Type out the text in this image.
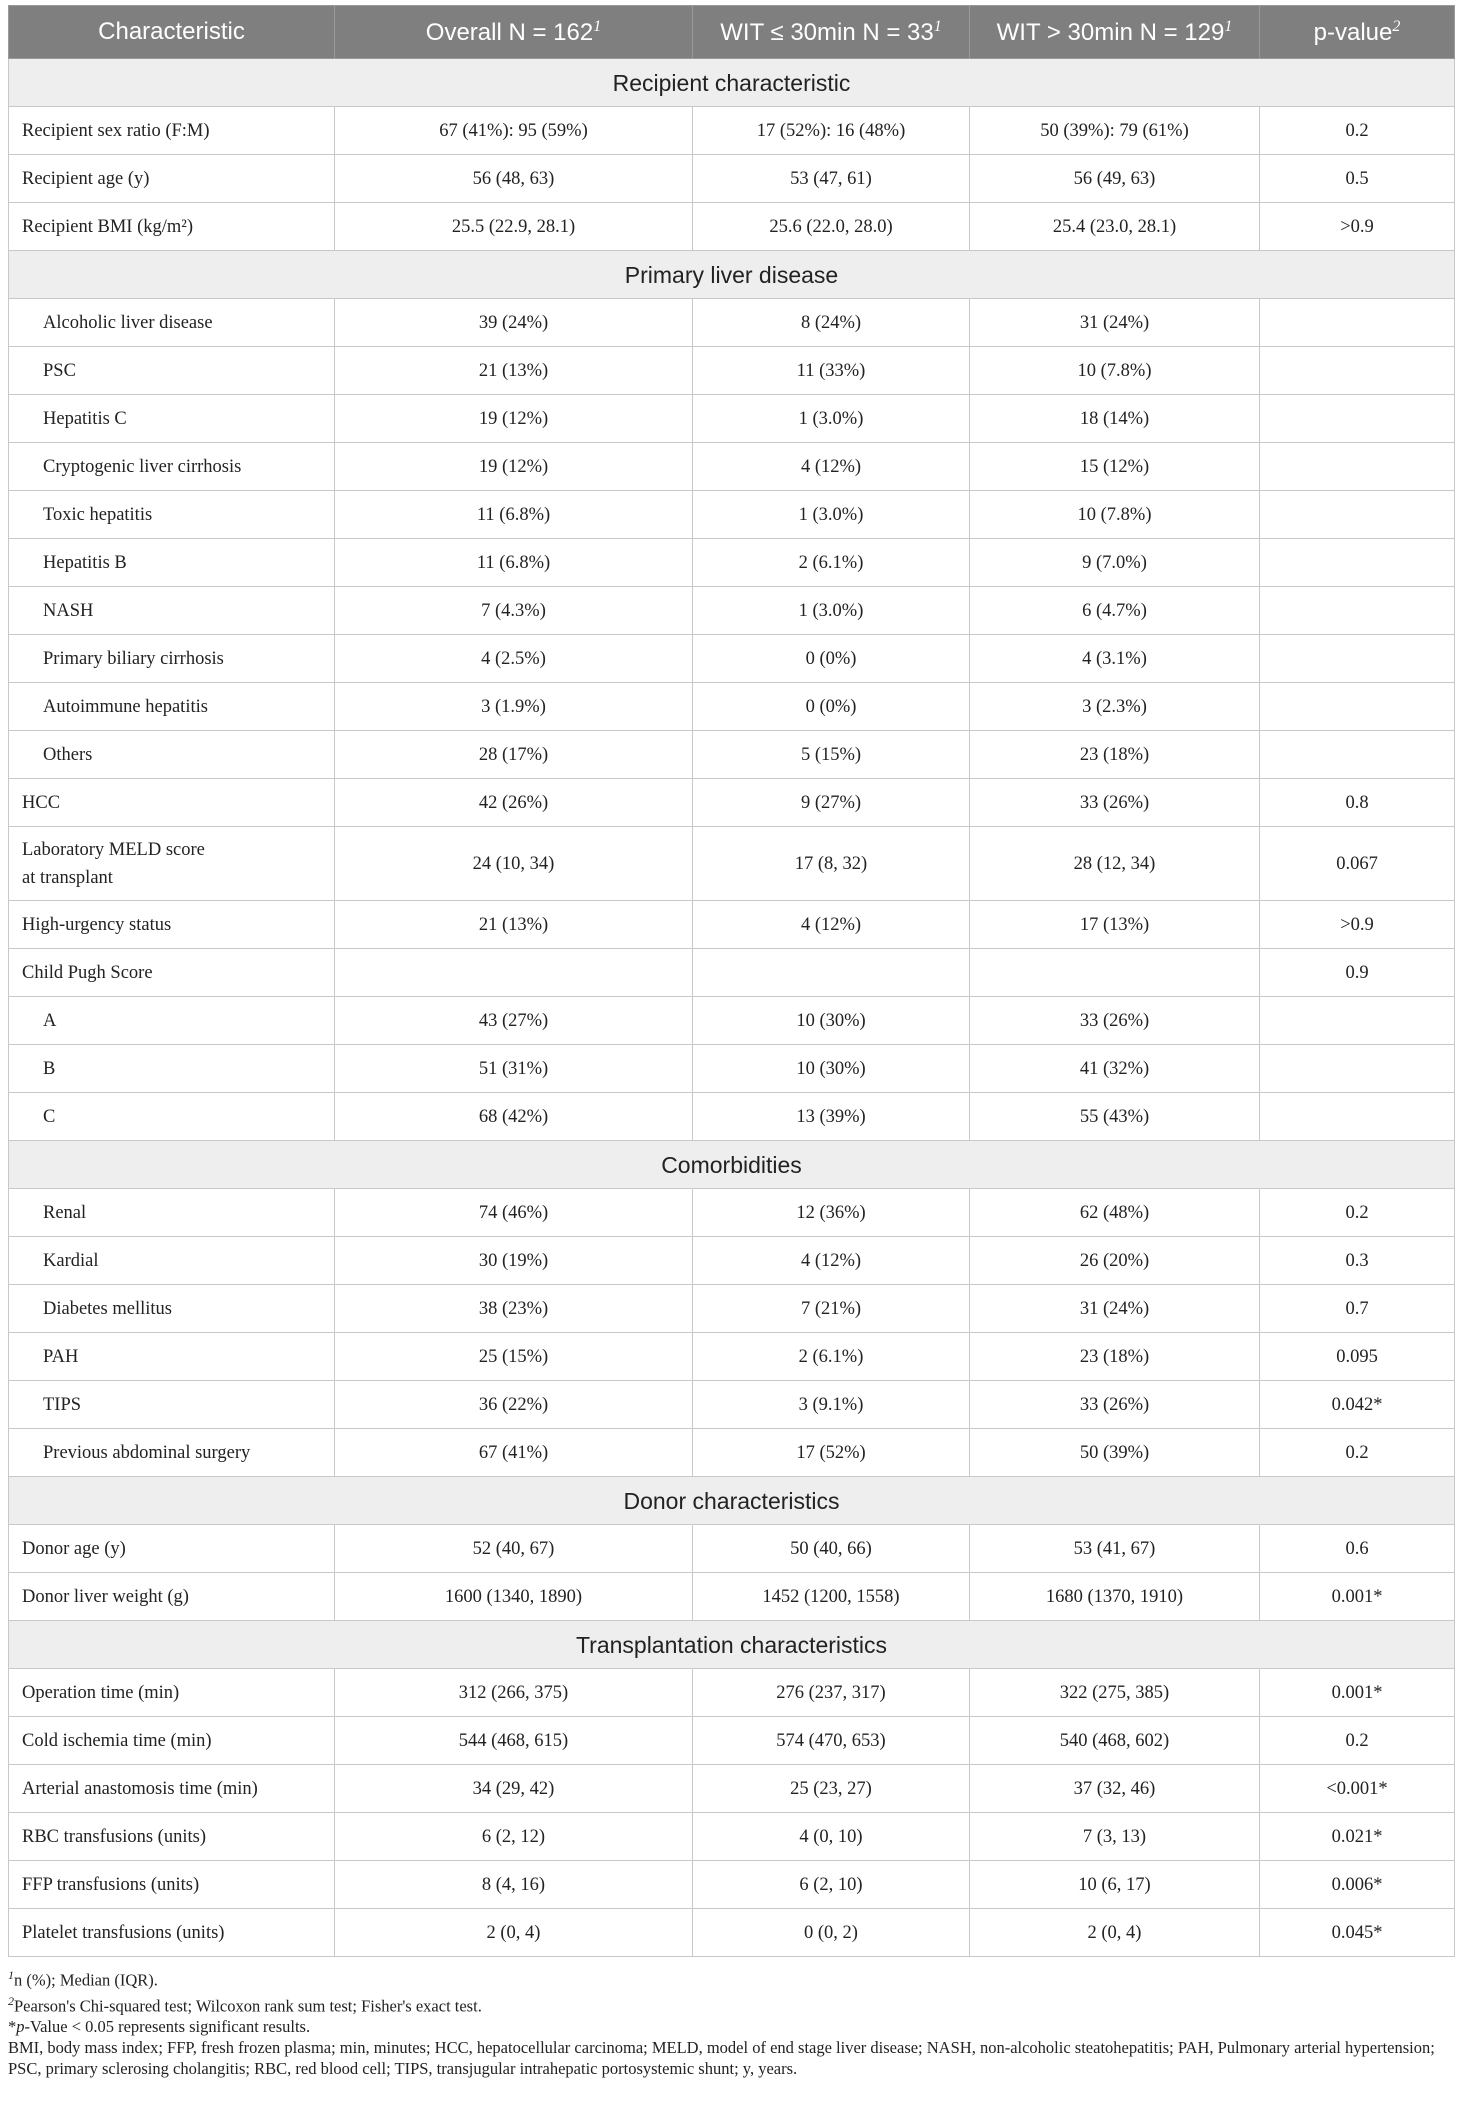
Characteristic	Overall $N = 162^1$	WIT ≤ 30min $N = 33^1$	WIT > 30min $N = 129^1$	p-value$^2$
Recipient characteristic				
Recipient sex ratio (F:M)	67 (41%): 95 (59%)	17 (52%): 16 (48%)	50 (39%): 79 (61%)	0.2
Recipient age (y)	56 (48, 63)	53 (47, 61)	56 (49, 63)	0.5
Recipient BMI (kg/m²)	25.5 (22.9, 28.1)	25.6 (22.0, 28.0)	25.4 (23.0, 28.1)	>0.9
Primary liver disease				
Alcoholic liver disease	39 (24%)	8 (24%)	31 (24%)	
PSC	21 (13%)	11 (33%)	10 (7.8%)	
Hepatitis C	19 (12%)	1 (3.0%)	18 (14%)	
Cryptogenic liver cirrhosis	19 (12%)	4 (12%)	15 (12%)	
Toxic hepatitis	11 (6.8%)	1 (3.0%)	10 (7.8%)	
Hepatitis B	11 (6.8%)	2 (6.1%)	9 (7.0%)	
NASH	7 (4.3%)	1 (3.0%)	6 (4.7%)	
Primary biliary cirrhosis	4 (2.5%)	0 (0%)	4 (3.1%)	
Autoimmune hepatitis	3 (1.9%)	0 (0%)	3 (2.3%)	
Others	28 (17%)	5 (15%)	23 (18%)	
HCC	42 (26%)	9 (27%)	33 (26%)	0.8
Laboratory MELD score
at transplant	24 (10, 34)	17 (8, 32)	28 (12, 34)	0.067
High-urgency status	21 (13%)	4 (12%)	17 (13%)	>0.9
Child Pugh Score				0.9
A	43 (27%)	10 (30%)	33 (26%)	
B	51 (31%)	10 (30%)	41 (32%)	
C	68 (42%)	13 (39%)	55 (43%)	
Comorbidities				
Renal	74 (46%)	12 (36%)	62 (48%)	0.2
Kardial	30 (19%)	4 (12%)	26 (20%)	0.3
Diabetes mellitus	38 (23%)	7 (21%)	31 (24%)	0.7
PAH	25 (15%)	2 (6.1%)	23 (18%)	0.095
TIPS	36 (22%)	3 (9.1%)	33 (26%)	0.042*
Previous abdominal surgery	67 (41%)	17 (52%)	50 (39%)	0.2
Donor characteristics				
Donor age (y)	52 (40, 67)	50 (40, 66)	53 (41, 67)	0.6
Donor liver weight (g)	1600 (1340, 1890)	1452 (1200, 1558)	1680 (1370, 1910)	0.001*
Transplantation characteristics				
Operation time (min)	312 (266, 375)	276 (237, 317)	322 (275, 385)	0.001*
Cold ischemia time (min)	544 (468, 615)	574 (470, 653)	540 (468, 602)	0.2
Arterial anastomosis time (min)	34 (29, 42)	25 (23, 27)	37 (32, 46)	<0.001*
RBC transfusions (units)	6 (2, 12)	4 (0, 10)	7 (3, 13)	0.021*
FFP transfusions (units)	8 (4, 16)	6 (2, 10)	10 (6, 17)	0.006*
Platelet transfusions (units)	2 (0, 4)	0 (0, 2)	2 (0, 4)	0.045*
$^1$n (%); Median (IQR).
$^2$Pearson's Chi-squared test; Wilcoxon rank sum test; Fisher's exact test.
*p-Value < 0.05 represents significant results.
BMI, body mass index; FFP, fresh frozen plasma; min, minutes; HCC, hepatocellular carcinoma; MELD, model of end stage liver disease; NASH, non-alcoholic steatohepatitis; PAH, Pulmonary arterial hypertension; PSC, primary sclerosing cholangitis; RBC, red blood cell; TIPS, transjugular intrahepatic portosystemic shunt; y, years.
